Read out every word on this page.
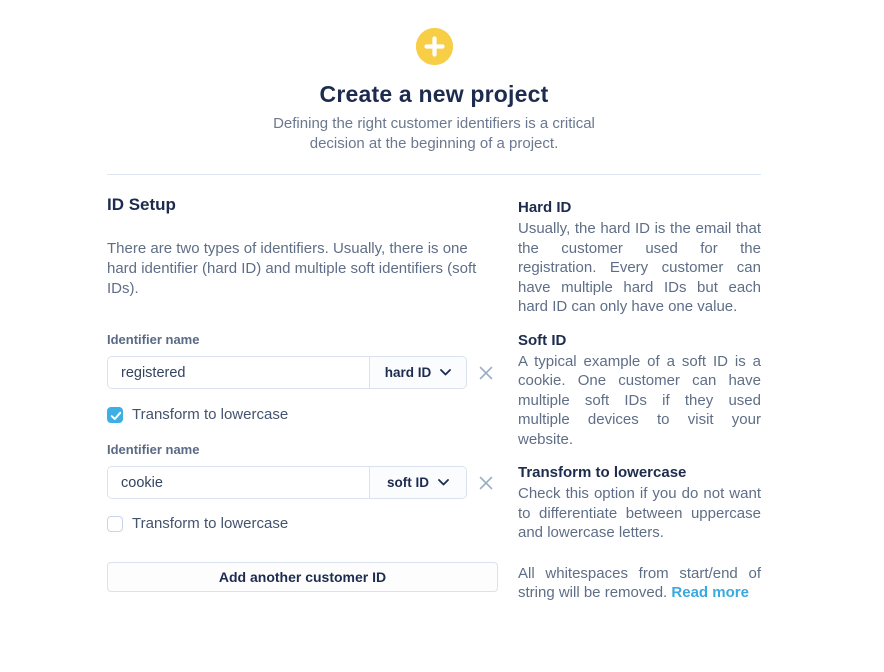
Create a new project

Defining the right customer identifiers is a critical decision at the beginning of a project.

ID Setup

There are two types of identifiers. Usually, there is one hard identifier (hard ID) and multiple soft identifiers (soft IDs).

Identifier name
registered
hard ID
Transform to lowercase
Identifier name
cookie
soft ID
Transform to lowercase
Add another customer ID
Hard ID

Usually, the hard ID is the email that the customer used for the registration. Every customer can have multiple hard IDs but each hard ID can only have one value.

Soft ID

A typical example of a soft ID is a cookie. One customer can have multiple soft IDs if they used multiple devices to visit your website.

Transform to lowercase

Check this option if you do not want to differentiate between uppercase and lowercase letters.

All whitespaces from start/end of string will be removed. Read more
